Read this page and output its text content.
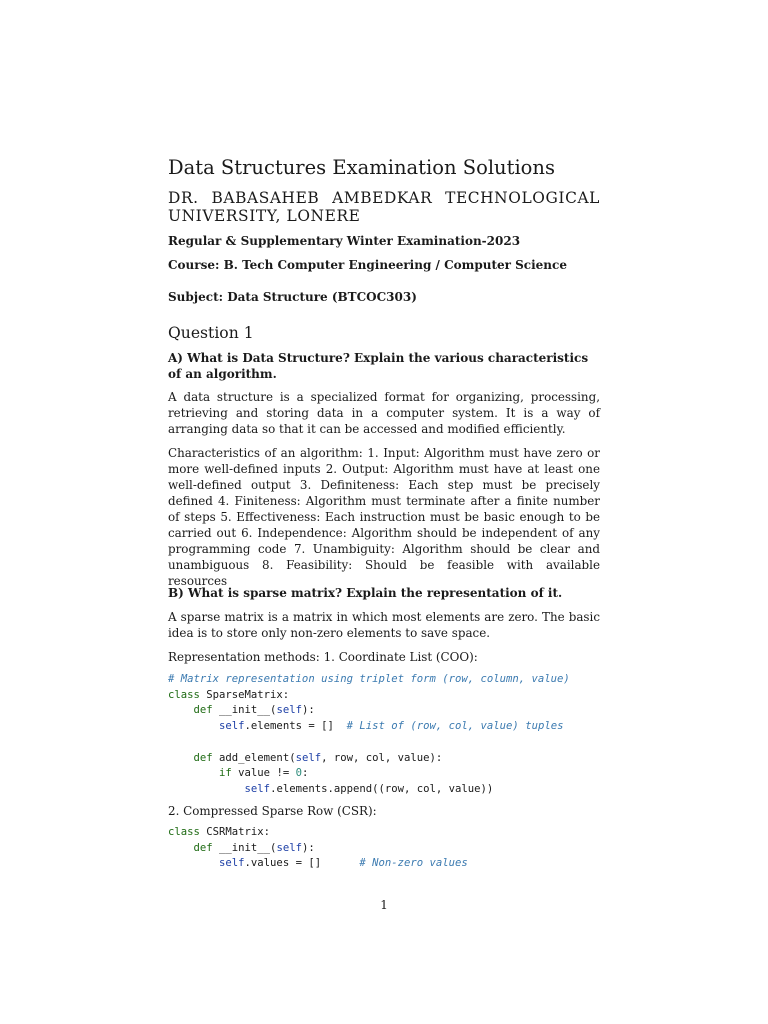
Data Structures Examination Solutions
DR. BABASAHEB AMBEDKAR TECHNOLOGICAL UNIVERSITY, LONERE
Regular & Supplementary Winter Examination-2023
Course: B. Tech Computer Engineering / Computer Science
Subject: Data Structure (BTCOC303)
Question 1
A) What is Data Structure? Explain the various characteristics of an algorithm.

A data structure is a specialized format for organizing, processing, retrieving and storing data in a computer system. It is a way of arranging data so that it can be accessed and modified efficiently.

Characteristics of an algorithm: 1. Input: Algorithm must have zero or more well-defined inputs 2. Output: Algorithm must have at least one well-defined output 3. Definiteness: Each step must be precisely defined 4. Finiteness: Algorithm must terminate after a finite number of steps 5. Effectiveness: Each instruction must be basic enough to be carried out 6. Independence: Algorithm should be independent of any programming code 7. Unambiguity: Algorithm should be clear and unambiguous 8. Feasibility: Should be feasible with available resources

B) What is sparse matrix? Explain the representation of it.

A sparse matrix is a matrix in which most elements are zero. The basic idea is to store only non-zero elements to save space.

Representation methods: 1. Coordinate List (COO):

# Matrix representation using triplet form (row, column, value)
class SparseMatrix:
def __init__(self):
self.elements = [] # List of (row, col, value) tuples

def add_element(self, row, col, value):
if value != 0:
self.elements.append((row, col, value))

2. Compressed Sparse Row (CSR):

class CSRMatrix:
def __init__(self):
self.values = []	# Non-zero values
1
